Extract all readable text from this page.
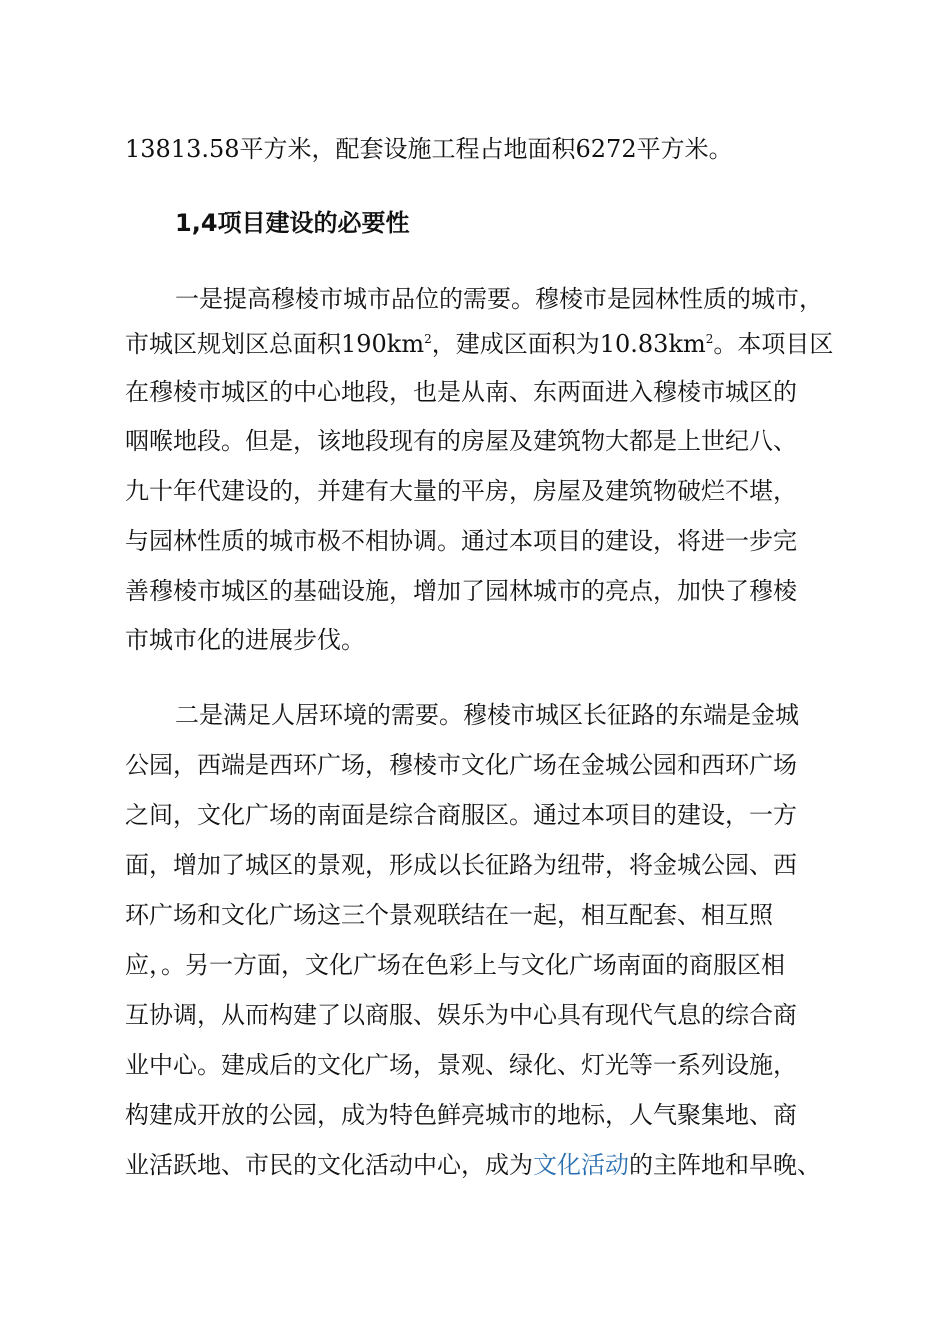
13813.58平方米，配套设施工程占地面积6272平方米。
1,4项目建设的必要性
一是提高穆棱市城市品位的需要。穆棱市是园林性质的城市，
市城区规划区总面积$190km^2$，建成区面积为$10.83km^2$。本项目区
在穆棱市城区的中心地段，也是从南、东两面进入穆棱市城区的
咽喉地段。但是，该地段现有的房屋及建筑物大都是上世纪八、
九十年代建设的，并建有大量的平房，房屋及建筑物破烂不堪，
与园林性质的城市极不相协调。通过本项目的建设，将进一步完
善穆棱市城区的基础设施，增加了园林城市的亮点，加快了穆棱
市城市化的进展步伐。
二是满足人居环境的需要。穆棱市城区长征路的东端是金城
公园，西端是西环广场，穆棱市文化广场在金城公园和西环广场
之间，文化广场的南面是综合商服区。通过本项目的建设，一方
面，增加了城区的景观，形成以长征路为纽带，将金城公园、西
环广场和文化广场这三个景观联结在一起，相互配套、相互照
应，。另一方面，文化广场在色彩上与文化广场南面的商服区相
互协调，从而构建了以商服、娱乐为中心具有现代气息的综合商
业中心。建成后的文化广场，景观、绿化、灯光等一系列设施，
构建成开放的公园，成为特色鲜亮城市的地标，人气聚集地、商
业活跃地、市民的文化活动中心，成为文化活动的主阵地和早晚、
